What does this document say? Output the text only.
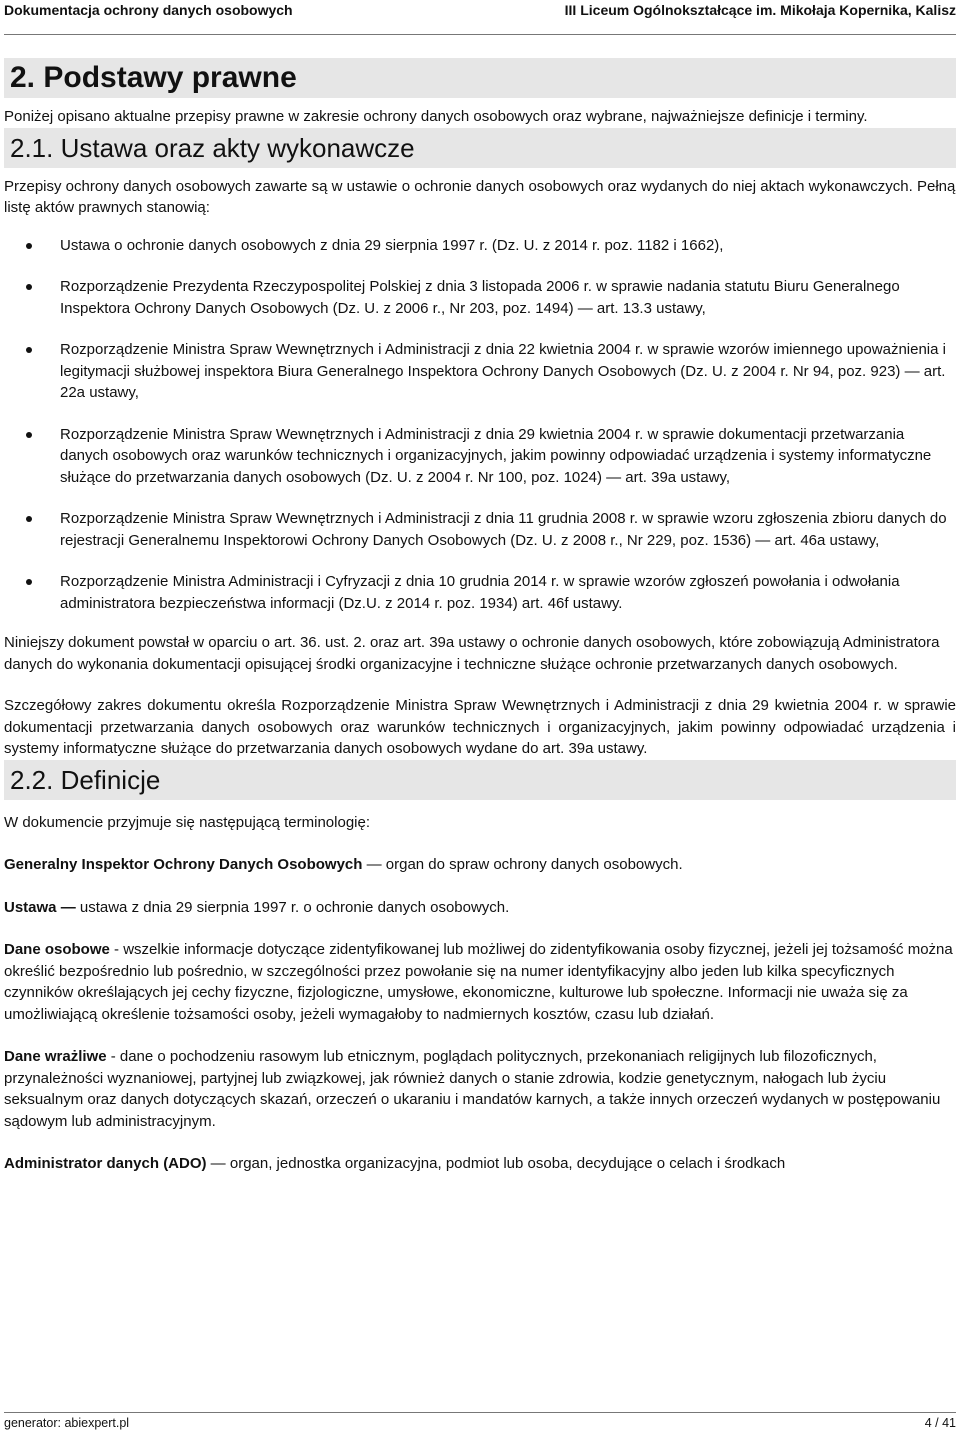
Dokumentacja ochrony danych osobowych	III Liceum Ogólnokształcące im. Mikołaja Kopernika, Kalisz
2. Podstawy prawne

Poniżej opisano aktualne przepisy prawne w zakresie ochrony danych osobowych oraz wybrane, najważniejsze definicje i terminy.

2.1. Ustawa oraz akty wykonawcze

Przepisy ochrony danych osobowych zawarte są w ustawie o ochronie danych osobowych oraz wydanych do niej aktach wykonawczych. Pełną listę aktów prawnych stanowią:

Ustawa o ochronie danych osobowych z dnia 29 sierpnia 1997 r. (Dz. U. z 2014 r. poz. 1182 i 1662),
Rozporządzenie Prezydenta Rzeczypospolitej Polskiej z dnia 3 listopada 2006 r. w sprawie nadania statutu Biuru Generalnego Inspektora Ochrony Danych Osobowych (Dz. U. z 2006 r., Nr 203, poz. 1494) — art. 13.3 ustawy,
Rozporządzenie Ministra Spraw Wewnętrznych i Administracji z dnia 22 kwietnia 2004 r. w sprawie wzorów imiennego upoważnienia i legitymacji służbowej inspektora Biura Generalnego Inspektora Ochrony Danych Osobowych (Dz. U. z 2004 r. Nr 94, poz. 923) — art. 22a ustawy,
Rozporządzenie Ministra Spraw Wewnętrznych i Administracji z dnia 29 kwietnia 2004 r. w sprawie dokumentacji przetwarzania danych osobowych oraz warunków technicznych i organizacyjnych, jakim powinny odpowiadać urządzenia i systemy informatyczne służące do przetwarzania danych osobowych (Dz. U. z 2004 r. Nr 100, poz. 1024) — art. 39a ustawy,
Rozporządzenie Ministra Spraw Wewnętrznych i Administracji z dnia 11 grudnia 2008 r. w sprawie wzoru zgłoszenia zbioru danych do rejestracji Generalnemu Inspektorowi Ochrony Danych Osobowych (Dz. U. z 2008 r., Nr 229, poz. 1536) — art. 46a ustawy,
Rozporządzenie Ministra Administracji i Cyfryzacji z dnia 10 grudnia 2014 r. w sprawie wzorów zgłoszeń powołania i odwołania administratora bezpieczeństwa informacji (Dz.U. z 2014 r. poz. 1934) art. 46f ustawy.

Niniejszy dokument powstał w oparciu o art. 36. ust. 2. oraz art. 39a ustawy o ochronie danych osobowych, które zobowiązują Administratora danych do wykonania dokumentacji opisującej środki organizacyjne i techniczne służące ochronie przetwarzanych danych osobowych.

Szczegółowy zakres dokumentu określa Rozporządzenie Ministra Spraw Wewnętrznych i Administracji z dnia 29 kwietnia 2004 r. w sprawie dokumentacji przetwarzania danych osobowych oraz warunków technicznych i organizacyjnych, jakim powinny odpowiadać urządzenia i systemy informatyczne służące do przetwarzania danych osobowych wydane do art. 39a ustawy.

2.2. Definicje

W dokumencie przyjmuje się następującą terminologię:

Generalny Inspektor Ochrony Danych Osobowych — organ do spraw ochrony danych osobowych.

Ustawa — ustawa z dnia 29 sierpnia 1997 r. o ochronie danych osobowych.

Dane osobowe - wszelkie informacje dotyczące zidentyfikowanej lub możliwej do zidentyfikowania osoby fizycznej, jeżeli jej tożsamość można określić bezpośrednio lub pośrednio, w szczególności przez powołanie się na numer identyfikacyjny albo jeden lub kilka specyficznych czynników określających jej cechy fizyczne, fizjologiczne, umysłowe, ekonomiczne, kulturowe lub społeczne. Informacji nie uważa się za umożliwiającą określenie tożsamości osoby, jeżeli wymagałoby to nadmiernych kosztów, czasu lub działań.

Dane wrażliwe - dane o pochodzeniu rasowym lub etnicznym, poglądach politycznych, przekonaniach religijnych lub filozoficznych, przynależności wyznaniowej, partyjnej lub związkowej, jak również danych o stanie zdrowia, kodzie genetycznym, nałogach lub życiu seksualnym oraz danych dotyczących skazań, orzeczeń o ukaraniu i mandatów karnych, a także innych orzeczeń wydanych w postępowaniu sądowym lub administracyjnym.

Administrator danych (ADO) — organ, jednostka organizacyjna, podmiot lub osoba, decydujące o celach i środkach

generator: abiexpert.pl	4 / 41
